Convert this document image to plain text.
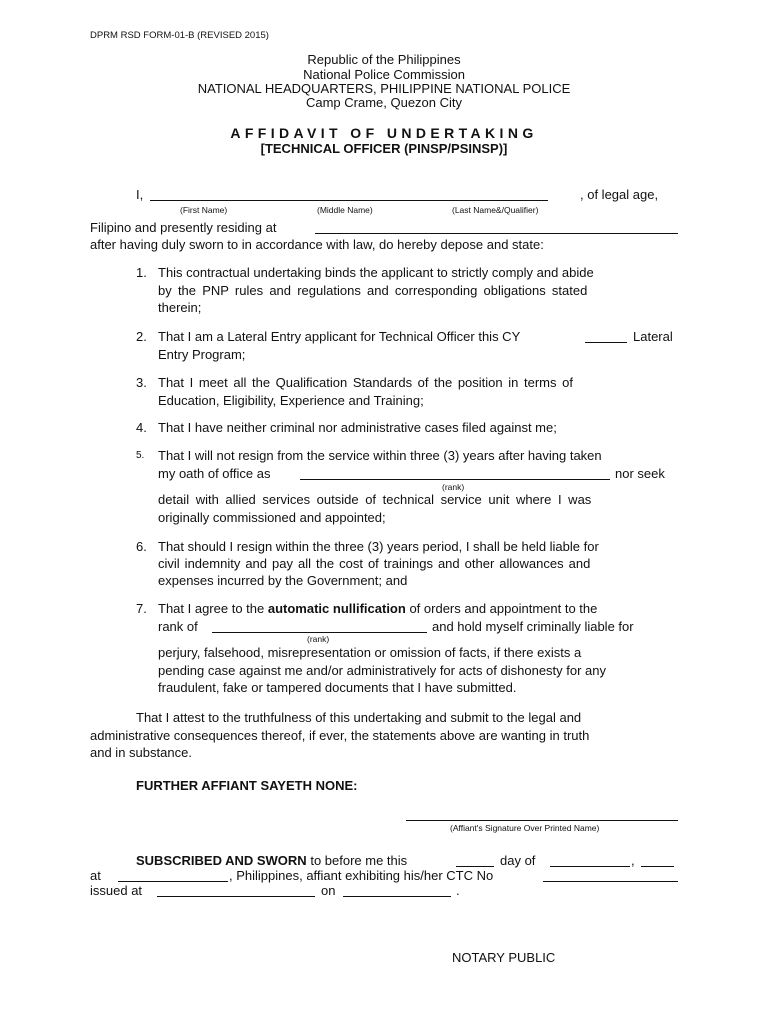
DPRM RSD FORM-01-B (REVISED 2015)
Republic of the Philippines
National Police Commission
NATIONAL HEADQUARTERS, PHILIPPINE NATIONAL POLICE
Camp Crame, Quezon City
AFFIDAVIT OF UNDERTAKING
[TECHNICAL OFFICER (PINSP/PSINSP)]
I,	, of legal age,
(First Name)	(Middle Name)	(Last Name&/Qualifier)
Filipino and presently residing at
after having duly sworn to in accordance with law, do hereby depose and state:
1. This contractual undertaking binds the applicant to strictly comply and abide
by the PNP rules and regulations and corresponding obligations stated
therein;
2. That I am a Lateral Entry applicant for Technical Officer this CY	Lateral
Entry Program;
3. That I meet all the Qualification Standards of the position in terms of
Education, Eligibility, Experience and Training;
4. That I have neither criminal nor administrative cases filed against me;
5. That I will not resign from the service within three (3) years after having taken
my oath of office as	nor seek
(rank)
detail with allied services outside of technical service unit where I was
originally commissioned and appointed;
6. That should I resign within the three (3) years period, I shall be held liable for
civil indemnity and pay all the cost of trainings and other allowances and
expenses incurred by the Government; and
7. That I agree to the automatic nullification of orders and appointment to the
rank of	and hold myself criminally liable for
(rank)
perjury, falsehood, misrepresentation or omission of facts, if there exists a
pending case against me and/or administratively for acts of dishonesty for any
fraudulent, fake or tampered documents that I have submitted.
That I attest to the truthfulness of this undertaking and submit to the legal and
administrative consequences thereof, if ever, the statements above are wanting in truth
and in substance.
FURTHER AFFIANT SAYETH NONE:
(Affiant's Signature Over Printed Name)
SUBSCRIBED AND SWORN to before me this	day of	,
at	, Philippines, affiant exhibiting his/her CTC No
issued at	on	.
NOTARY PUBLIC
